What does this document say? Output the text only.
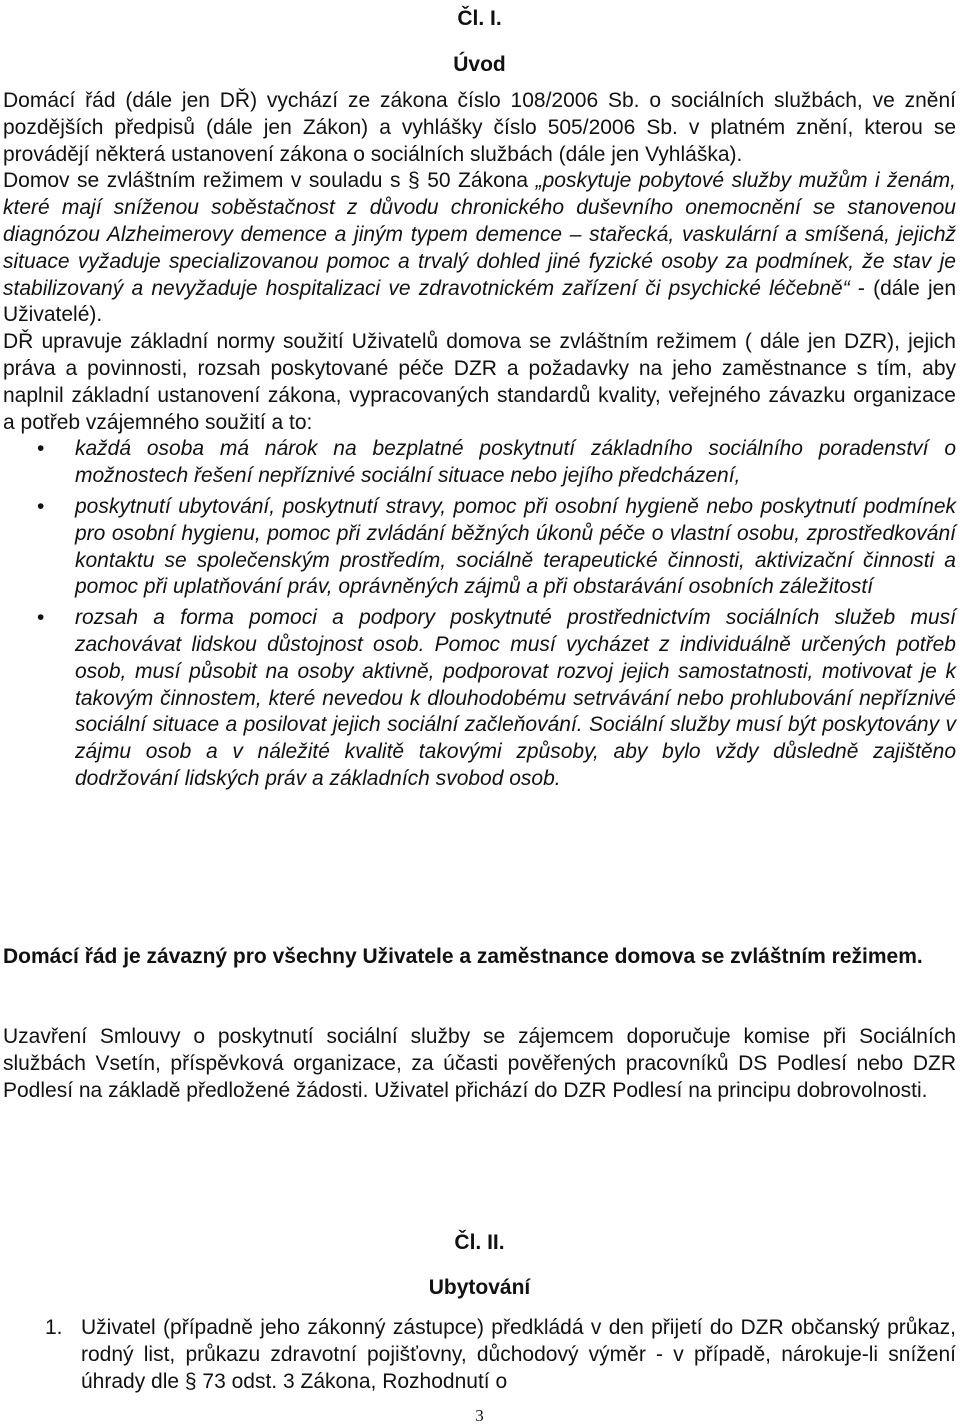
Čl. I.
Úvod

Domácí řád (dále jen DŘ) vychází ze zákona číslo 108/2006 Sb. o sociálních službách, ve znění pozdějších předpisů (dále jen Zákon) a vyhlášky číslo 505/2006 Sb. v platném znění, kterou se provádějí některá ustanovení zákona o sociálních službách (dále jen Vyhláška).

Domov se zvláštním režimem v souladu s § 50 Zákona „poskytuje pobytové služby mužům i ženám, které mají sníženou soběstačnost z důvodu chronického duševního onemocnění se stanovenou diagnózou Alzheimerovy demence a jiným typem demence – stařecká, vaskulární a smíšená, jejichž situace vyžaduje specializovanou pomoc a trvalý dohled jiné fyzické osoby za podmínek, že stav je stabilizovaný a nevyžaduje hospitalizaci ve zdravotnickém zařízení či psychické léčebně“ - (dále jen Uživatelé).

DŘ upravuje základní normy soužití Uživatelů domova se zvláštním režimem ( dále jen DZR), jejich práva a povinnosti, rozsah poskytované péče DZR a požadavky na jeho zaměstnance s tím, aby naplnil základní ustanovení zákona, vypracovaných standardů kvality, veřejného závazku organizace a potřeb vzájemného soužití a to:

• každá osoba má nárok na bezplatné poskytnutí základního sociálního poradenství o možnostech řešení nepříznivé sociální situace nebo jejího předcházení,
• poskytnutí ubytování, poskytnutí stravy, pomoc při osobní hygieně nebo poskytnutí podmínek pro osobní hygienu, pomoc při zvládání běžných úkonů péče o vlastní osobu, zprostředkování kontaktu se společenským prostředím, sociálně terapeutické činnosti, aktivizační činnosti a pomoc při uplatňování práv, oprávněných zájmů a při obstarávání osobních záležitostí
• rozsah a forma pomoci a podpory poskytnuté prostřednictvím sociálních služeb musí zachovávat lidskou důstojnost osob. Pomoc musí vycházet z individuálně určených potřeb osob, musí působit na osoby aktivně, podporovat rozvoj jejich samostatnosti, motivovat je k takovým činnostem, které nevedou k dlouhodobému setrvávání nebo prohlubování nepříznivé sociální situace a posilovat jejich sociální začleňování. Sociální služby musí být poskytovány v zájmu osob a v náležité kvalitě takovými způsoby, aby bylo vždy důsledně zajištěno dodržování lidských práv a základních svobod osob.

Domácí řád je závazný pro všechny Uživatele a zaměstnance domova se zvláštním režimem.

Uzavření Smlouvy o poskytnutí sociální služby se zájemcem doporučuje komise při Sociálních službách Vsetín, příspěvková organizace, za účasti pověřených pracovníků DS Podlesí nebo DZR Podlesí na základě předložené žádosti. Uživatel přichází do DZR Podlesí na principu dobrovolnosti.

Čl. II.
Ubytování
1. Uživatel (případně jeho zákonný zástupce) předkládá v den přijetí do DZR občanský průkaz, rodný list, průkazu zdravotní pojišťovny, důchodový výměr - v případě, nárokuje-li snížení úhrady dle § 73 odst. 3 Zákona, Rozhodnutí o
3
